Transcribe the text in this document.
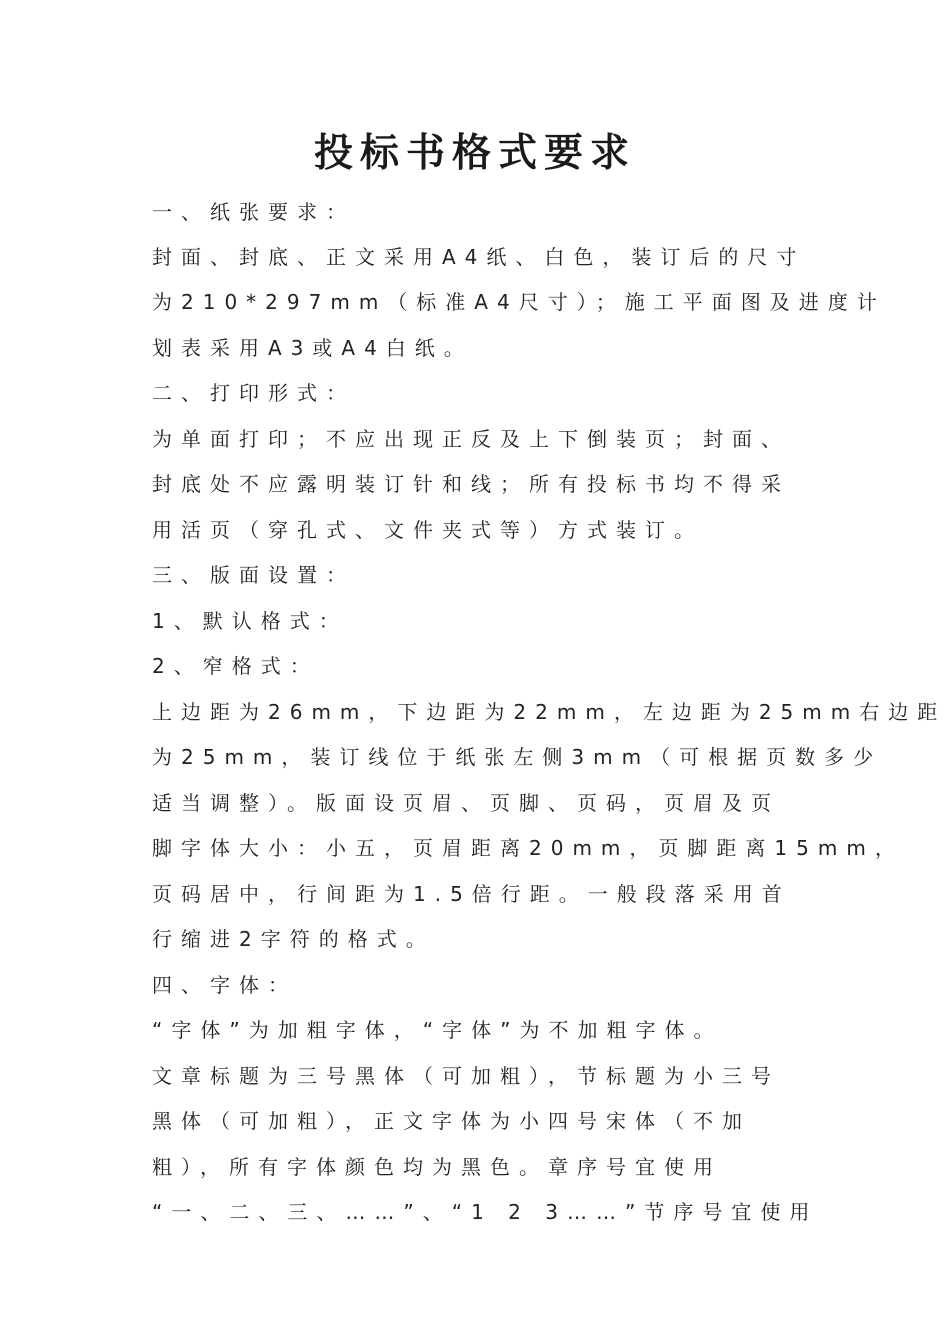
投标书格式要求
一、纸张要求：
封面、封底、正文采用A4纸、白色，装订后的尺寸
为210*297mm（标准A4尺寸）；施工平面图及进度计
划表采用A3或A4白纸。
二、打印形式：
为单面打印；不应出现正反及上下倒装页；封面、
封底处不应露明装订针和线；所有投标书均不得采
用活页（穿孔式、文件夹式等）方式装订。
三、版面设置：
1、默认格式：
2、窄格式：
上边距为26mm，下边距为22mm，左边距为25mm右边距
为25mm，装订线位于纸张左侧3mm（可根据页数多少
适当调整）。版面设页眉、页脚、页码，页眉及页
脚字体大小：小五，页眉距离20mm，页脚距离15mm，
页码居中，行间距为1.5倍行距。一般段落采用首
行缩进2字符的格式。
四、字体：
“字体”为加粗字体，“字体”为不加粗字体。
文章标题为三号黑体（可加粗），节标题为小三号
黑体（可加粗），正文字体为小四号宋体（不加
粗），所有字体颜色均为黑色。章序号宜使用
“一、二、三、……”、“1 2 3……”节序号宜使用
